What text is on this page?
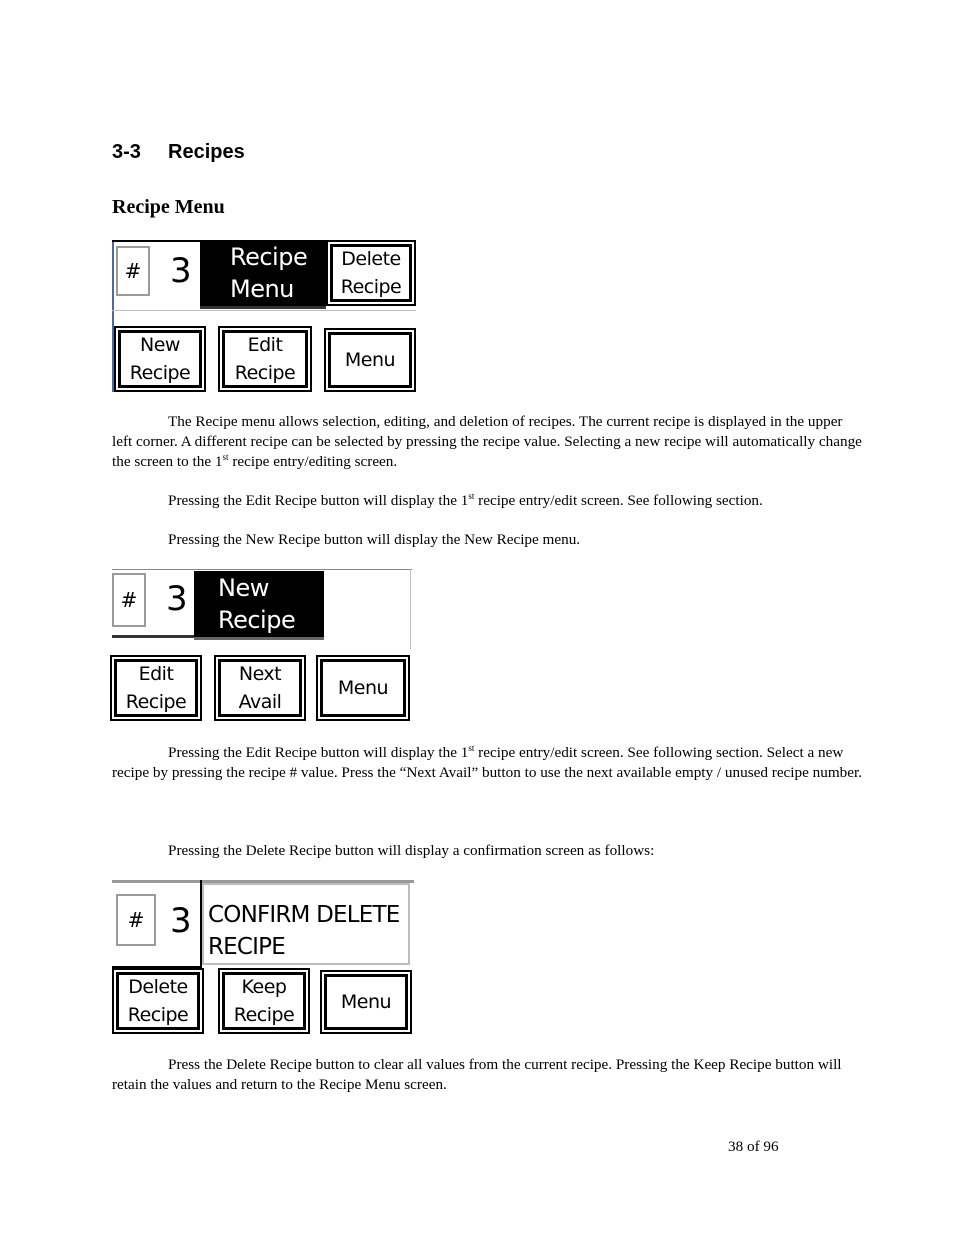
3-3 Recipes
Recipe Menu
# 3 Recipe
Menu
Delete
Recipe
New
Recipe
Edit
Recipe
Menu

The Recipe menu allows selection, editing, and deletion of recipes. The current recipe is displayed in the upper left corner. A different recipe can be selected by pressing the recipe value. Selecting a new recipe will automatically change the screen to the 1st recipe entry/editing screen.

Pressing the Edit Recipe button will display the 1st recipe entry/edit screen. See following section.

Pressing the New Recipe button will display the New Recipe menu.

# 3 New
Recipe
Edit
Recipe
Next
Avail
Menu

Pressing the Edit Recipe button will display the 1st recipe entry/edit screen. See following section. Select a new recipe by pressing the recipe # value. Press the “Next Avail” button to use the next available empty / unused recipe number.

Pressing the Delete Recipe button will display a confirmation screen as follows:

# 3 CONFIRM DELETE
RECIPE
Delete
Recipe
Keep
Recipe
Menu

Press the Delete Recipe button to clear all values from the current recipe. Pressing the Keep Recipe button will retain the values and return to the Recipe Menu screen.

38 of 96
